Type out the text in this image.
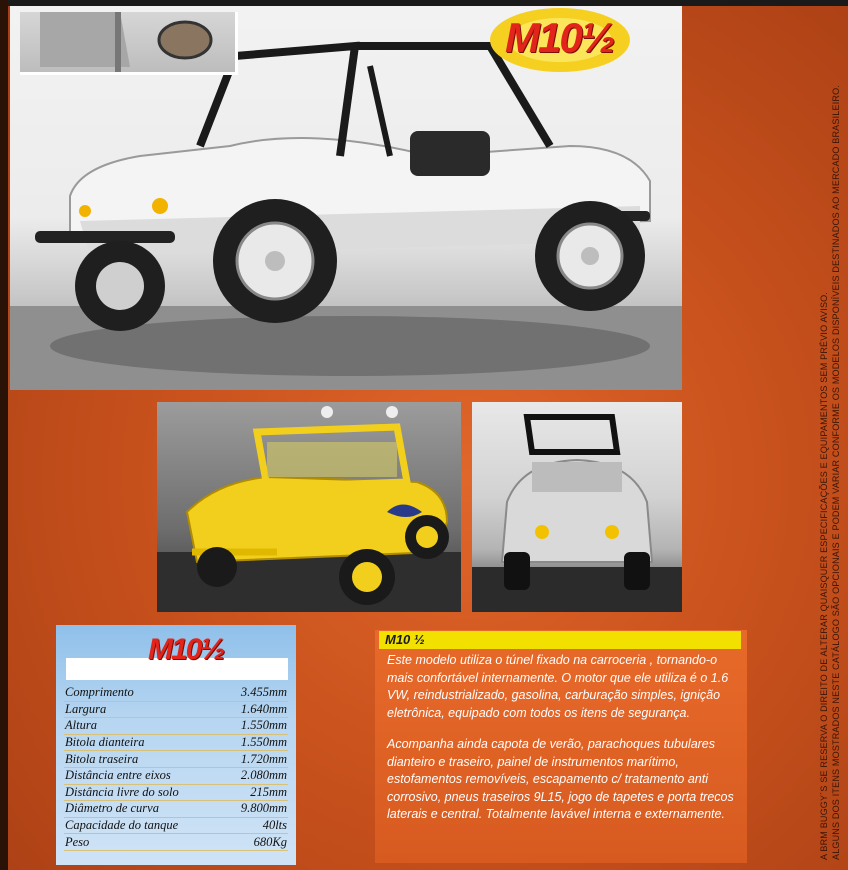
M10½
M10½
Comprimento	3.455mm
Largura	1.640mm
Altura	1.550mm
Bitola dianteira	1.550mm
Bitola traseira	1.720mm
Distância entre eixos	2.080mm
Distância livre do solo	215mm
Diâmetro de curva	9.800mm
Capacidade do tanque	40lts
Peso	680Kg
M10 ½

Este modelo utiliza o túnel fixado na carroceria , tornando-o mais confortável internamente. O motor que ele utiliza é o 1.6 VW, reindustrializado, gasolina, carburação simples, ignição eletrônica, equipado com todos os itens de segurança.

Acompanha ainda capota de verão, parachoques tubulares dianteiro e traseiro, painel de instrumentos marítimo, estofamentos removíveis, escapamento c/ tratamento anti corrosivo, pneus traseiros 9L15, jogo de tapetes e porta trecos laterais e central. Totalmente lavável interna e externamente.	A BRM BUGGY´S SE RESERVA O DIREITO DE ALTERAR QUAISQUER ESPECIFICAÇÕES E EQUIPAMENTOS SEM PRÉVIO AVISO. ALGUNS DOS ITENS MOSTRADOS NESTE CATÁLOGO SÃO OPCIONAIS E PODEM VARIAR CONFORME OS MODELOS DISPONÍVEIS DESTINADOS AO MERCADO BRASILEIRO.
